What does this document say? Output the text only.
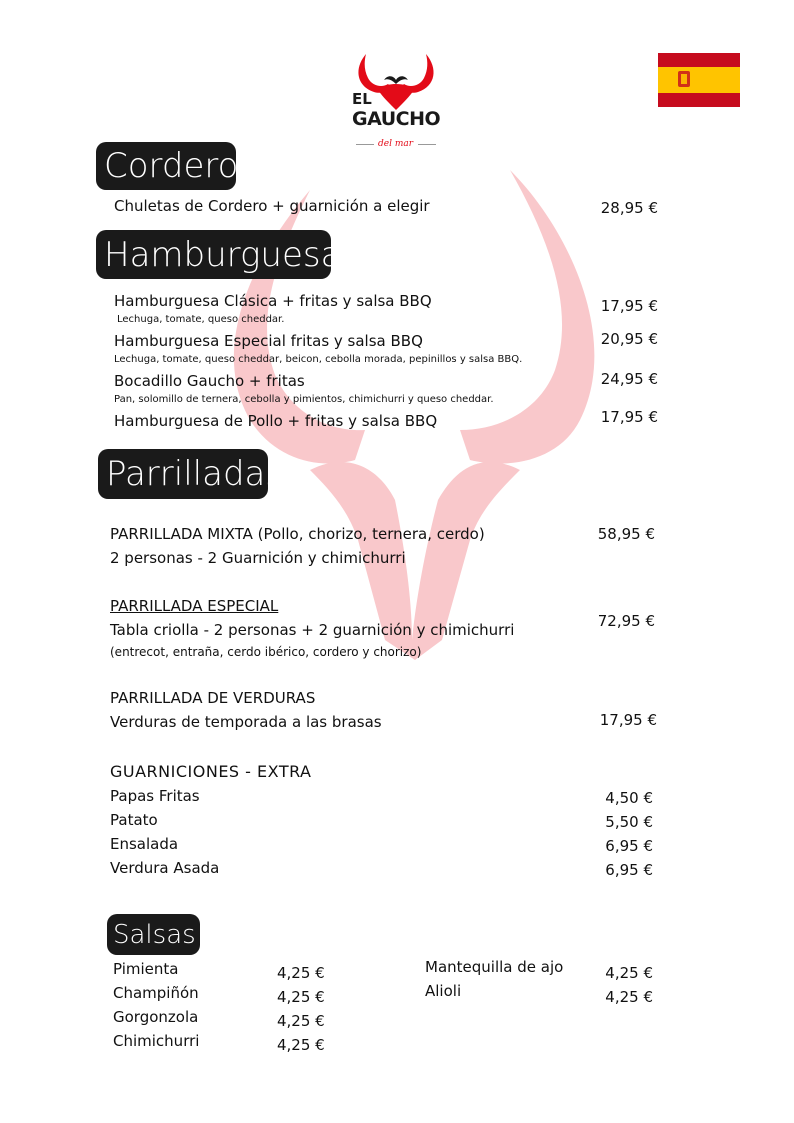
EL
GAUCHO
del mar
Cordero
Chuletas de Cordero + guarnición a elegir	28,95 €
Hamburguesas
Hamburguesa Clásica + fritas y salsa BBQ
Lechuga, tomate, queso cheddar.
17,95 €
Hamburguesa Especial fritas y salsa BBQ
Lechuga, tomate, queso cheddar, beicon, cebolla morada, pepinillos y salsa BBQ.
20,95 €
Bocadillo Gaucho + fritas
Pan, solomillo de ternera, cebolla y pimientos, chimichurri y queso cheddar.
24,95 €
Hamburguesa de Pollo + fritas y salsa BBQ	17,95 €
Parrilladas
PARRILLADA MIXTA (Pollo, chorizo, ternera, cerdo)
2 personas - 2 Guarnición y chimichurri
58,95 €
PARRILLADA ESPECIAL
Tabla criolla - 2 personas + 2 guarnición y chimichurri
(entrecot, entraña, cerdo ibérico, cordero y chorizo)
72,95 €
PARRILLADA DE VERDURAS
Verduras de temporada a las brasas	17,95 €
GUARNICIONES - EXTRA
Papas Fritas	4,50 €
Patato	5,50 €
Ensalada	6,95 €
Verdura Asada	6,95 €
Salsas
Pimienta	4,25 €
Champiñón	4,25 €
Gorgonzola	4,25 €
Chimichurri	4,25 €
Mantequilla de ajo	4,25 €
Alioli	4,25 €
